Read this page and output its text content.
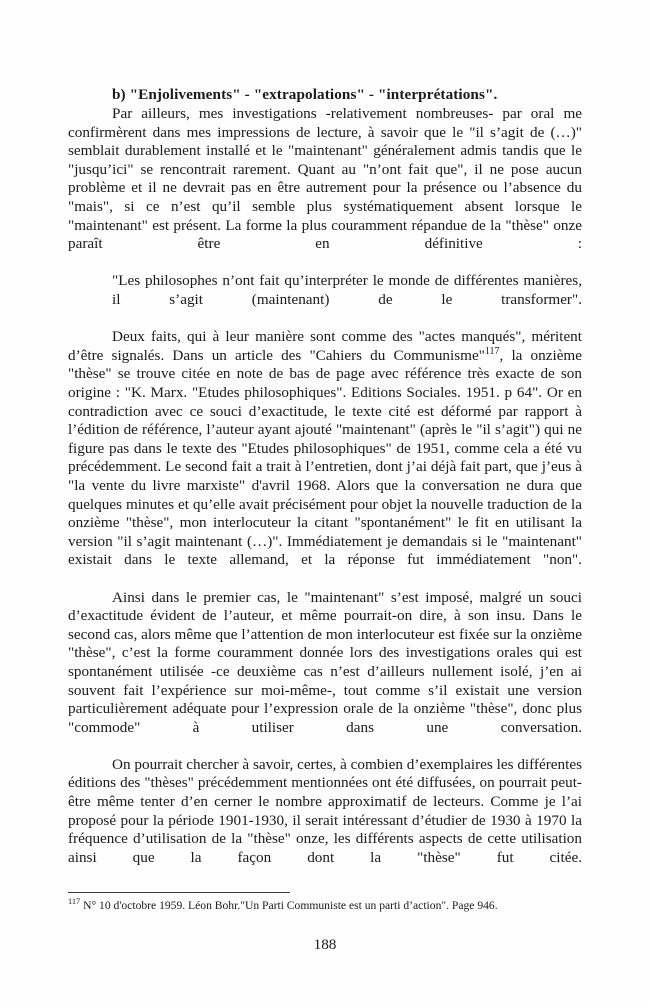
b) "Enjolivements" - "extrapolations" - "interprétations".

Par ailleurs, mes investigations -relativement nombreuses- par oral me confirmèrent dans mes impressions de lecture, à savoir que le "il s’agit de (…)" semblait durablement installé et le "maintenant" généralement admis tandis que le "jusqu’ici" se rencontrait rarement. Quant au "n’ont fait que", il ne pose aucun problème et il ne devrait pas en être autrement pour la présence ou l’absence du "mais", si ce n’est qu’il semble plus systématiquement absent lorsque le "maintenant" est présent. La forme la plus couramment répandue de la "thèse" onze paraît être en définitive :

"Les philosophes n’ont fait qu’interpréter le monde de différentes manières, il s’agit (maintenant) de le transformer".

Deux faits, qui à leur manière sont comme des "actes manqués", méritent d’être signalés. Dans un article des "Cahiers du Communisme"$^{117}$, la onzième "thèse" se trouve citée en note de bas de page avec référence très exacte de son origine : "K. Marx. "Etudes philosophiques". Editions Sociales. 1951. p 64". Or en contradiction avec ce souci d’exactitude, le texte cité est déformé par rapport à l’édition de référence, l’auteur ayant ajouté "maintenant" (après le "il s’agit") qui ne figure pas dans le texte des "Etudes philosophiques" de 1951, comme cela a été vu précédemment. Le second fait a trait à l’entretien, dont j’ai déjà fait part, que j’eus à "la vente du livre marxiste" d'avril 1968. Alors que la conversation ne dura que quelques minutes et qu’elle avait précisément pour objet la nouvelle traduction de la onzième "thèse", mon interlocuteur la citant "spontanément" le fit en utilisant la version "il s’agit maintenant (…)". Immédiatement je demandais si le "maintenant" existait dans le texte allemand, et la réponse fut immédiatement "non".

Ainsi dans le premier cas, le "maintenant" s’est imposé, malgré un souci d’exactitude évident de l’auteur, et même pourrait-on dire, à son insu. Dans le second cas, alors même que l’attention de mon interlocuteur est fixée sur la onzième "thèse", c’est la forme couramment donnée lors des investigations orales qui est spontanément utilisée -ce deuxième cas n’est d’ailleurs nullement isolé, j’en ai souvent fait l’expérience sur moi-même-, tout comme s’il existait une version particulièrement adéquate pour l’expression orale de la onzième "thèse", donc plus "commode" à utiliser dans une conversation.

On pourrait chercher à savoir, certes, à combien d’exemplaires les différentes éditions des "thèses" précédemment mentionnées ont été diffusées, on pourrait peut-être même tenter d’en cerner le nombre approximatif de lecteurs. Comme je l’ai proposé pour la période 1901-1930, il serait intéressant d’étudier de 1930 à 1970 la fréquence d’utilisation de la "thèse" onze, les différents aspects de cette utilisation ainsi que la façon dont la "thèse" fut citée.

$^{117}$ N° 10 d'octobre 1959. Léon Bohr."Un Parti Communiste est un parti d’action". Page 946.

188
